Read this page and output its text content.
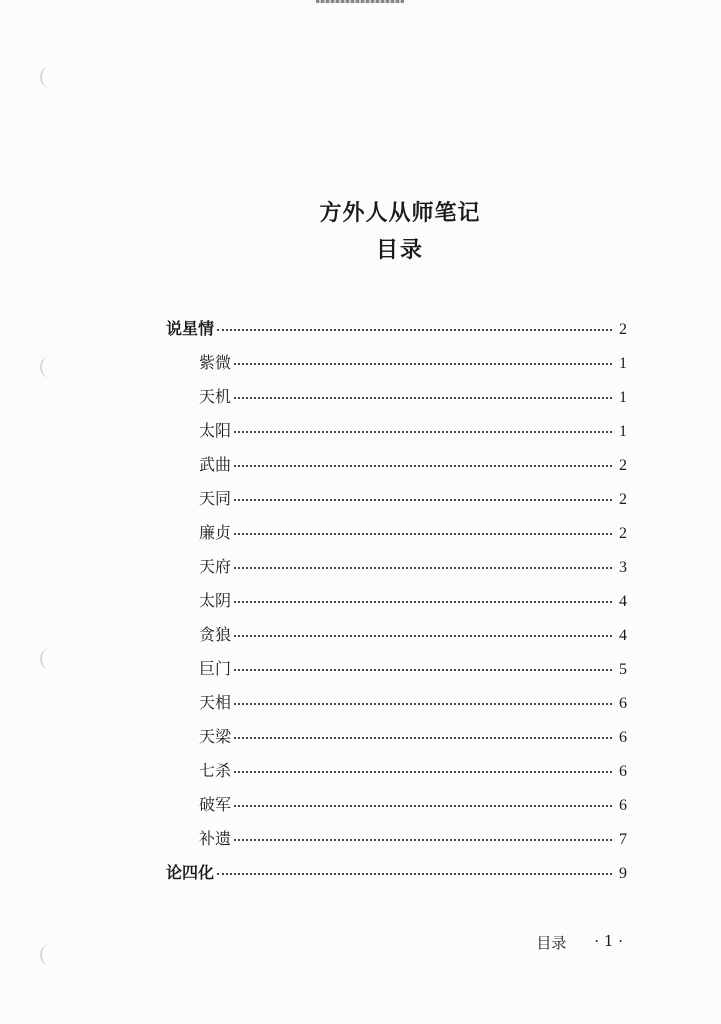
方外人从师笔记
目录
说星情	2
紫微	1
天机	1
太阳	1
武曲	2
天同	2
廉贞	2
天府	3
太阴	4
贪狼	4
巨门	5
天相	6
天梁	6
七杀	6
破军	6
补遗	7
论四化	9
目录 · 1 ·
